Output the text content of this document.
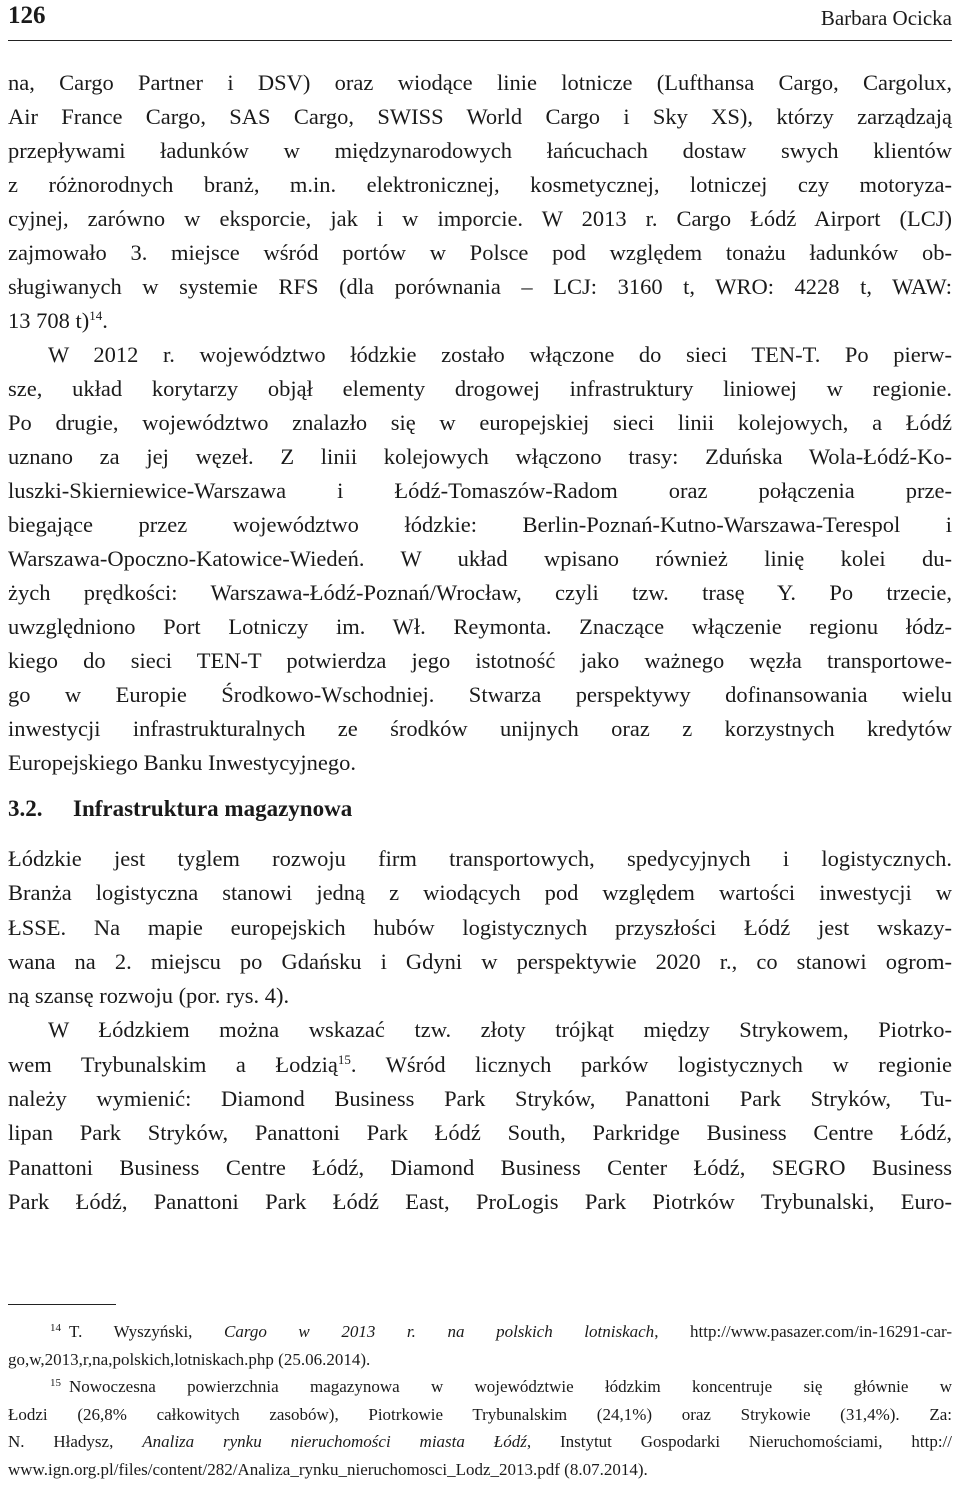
126	Barbara Ocicka

na, Cargo Partner i DSV) oraz wiodące linie lotnicze (Lufthansa Cargo, Cargolux,
Air France Cargo, SAS Cargo, SWISS World Cargo i Sky XS), którzy zarządzają
przepływami ładunków w międzynarodowych łańcuchach dostaw swych klientów
z różnorodnych branż, m.in. elektronicznej, kosmetycznej, lotniczej czy motoryza-
cyjnej, zarówno w eksporcie, jak i w imporcie. W 2013 r. Cargo Łódź Airport (LCJ)
zajmowało 3. miejsce wśród portów w Polsce pod względem tonażu ładunków ob-
sługiwanych w systemie RFS (dla porównania – LCJ: 3160 t, WRO: 4228 t, WAW:
13 708 t)$^{14}$.

W 2012 r. województwo łódzkie zostało włączone do sieci TEN-T. Po pierw-
sze, układ korytarzy objął elementy drogowej infrastruktury liniowej w regionie.
Po drugie, województwo znalazło się w europejskiej sieci linii kolejowych, a Łódź
uznano za jej węzeł. Z linii kolejowych włączono trasy: Zduńska Wola-Łódź-Ko-
luszki-Skierniewice-Warszawa i Łódź-Tomaszów-Radom oraz połączenia prze-
biegające przez województwo łódzkie: Berlin-Poznań-Kutno-Warszawa-Terespol i
Warszawa-Opoczno-Katowice-Wiedeń. W układ wpisano również linię kolei du-
żych prędkości: Warszawa-Łódź-Poznań/Wrocław, czyli tzw. trasę Y. Po trzecie,
uwzględniono Port Lotniczy im. Wł. Reymonta. Znaczące włączenie regionu łódz-
kiego do sieci TEN-T potwierdza jego istotność jako ważnego węzła transportowe-
go w Europie Środkowo-Wschodniej. Stwarza perspektywy dofinansowania wielu
inwestycji infrastrukturalnych ze środków unijnych oraz z korzystnych kredytów
Europejskiego Banku Inwestycyjnego.

3.2. Infrastruktura magazynowa

Łódzkie jest tyglem rozwoju firm transportowych, spedycyjnych i logistycznych.
Branża logistyczna stanowi jedną z wiodących pod względem wartości inwestycji w
ŁSSE. Na mapie europejskich hubów logistycznych przyszłości Łódź jest wskazy-
wana na 2. miejscu po Gdańsku i Gdyni w perspektywie 2020 r., co stanowi ogrom-
ną szansę rozwoju (por. rys. 4).

W Łódzkiem można wskazać tzw. złoty trójkąt między Strykowem, Piotrko-
wem Trybunalskim a Łodzią$^{15}$. Wśród licznych parków logistycznych w regionie
należy wymienić: Diamond Business Park Stryków, Panattoni Park Stryków, Tu-
lipan Park Stryków, Panattoni Park Łódź South, Parkridge Business Centre Łódź,
Panattoni Business Centre Łódź, Diamond Business Center Łódź, SEGRO Business
Park Łódź, Panattoni Park Łódź East, ProLogis Park Piotrków Trybunalski, Euro-

$^{14}$ T. Wyszyński, Cargo w 2013 r. na polskich lotniskach, http://www.pasazer.com/in-16291-car-
go,w,2013,r,na,polskich,lotniskach.php (25.06.2014).
$^{15}$ Nowoczesna powierzchnia magazynowa w województwie łódzkim koncentruje się głównie w
Łodzi (26,8% całkowitych zasobów), Piotrkowie Trybunalskim (24,1%) oraz Strykowie (31,4%). Za:
N. Hładysz, Analiza rynku nieruchomości miasta Łódź, Instytut Gospodarki Nieruchomościami, http://
www.ign.org.pl/files/content/282/Analiza_rynku_nieruchomosci_Lodz_2013.pdf (8.07.2014).
